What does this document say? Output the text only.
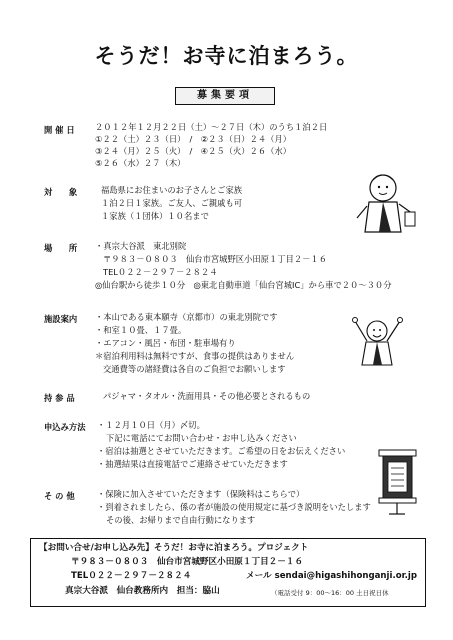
そうだ！お寺に泊まろう。
募集要項
開 催 日 ２０１２年１２月２２日（土）～２７日（木）のうち１泊２日
①２２（土）２３（日）　/　②２３（日）２４（月）
③２４（月）２５（火）　/　④２５（火）２６（水）
⑤２６（水）２７（木）
対　　象	福島県にお住まいのお子さんとご家族
１泊２日１家族。ご友人、ご親戚も可
１家族（１団体）１０名まで
場　　所 ・真宗大谷派　東北別院
〒９８３－０８０３　仙台市宮城野区小田原１丁目２－１６
TEL０２２－２９７－２８２４
◎仙台駅から徒歩１０分　◎東北自動車道「仙台宮城IC」から車で２０～３０分
施設案内 ・本山である東本願寺（京都市）の東北別院です
・和室１０畳、１７畳。
・エアコン・風呂・布団・駐車場有り
＊宿泊利用料は無料ですが、食事の提供はありません
交通費等の諸経費は各自のご負担でお願いします
持 参 品	パジャマ・タオル・洗面用具・その他必要とされるもの
申込み方法 ・１２月１０日（月）〆切。
下記に電話にてお問い合わせ・お申し込みください
・宿泊は抽選とさせていただきます。ご希望の日をお伝えください
・抽選結果は直接電話でご連絡させていただきます
そ の 他	・保険に加入させていただきます（保険料はこちらで）
・到着されましたら、係の者が施設の使用規定に基づき説明をいたします
その後、お帰りまで自由行動になります
【お問い合せ/お申し込み先】そうだ！お寺に泊まろう。プロジェクト
〒９８３－０８０３　仙台市宮城野区小田原１丁目２－１６
TEL０２２－２９７－２８２４	メール sendai@higashihonganji.or.jp
真宗大谷派　仙台教務所内　担当：脇山	（電話受付 9：00～16：00 土日祝日休
